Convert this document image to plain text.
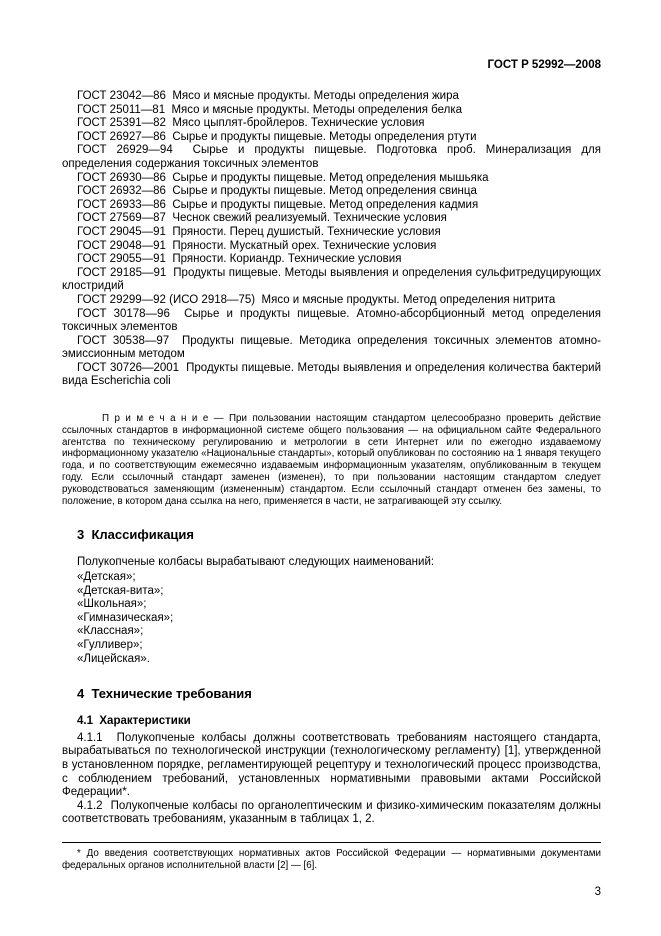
ГОСТ Р 52992—2008

ГОСТ 23042—86  Мясо и мясные продукты. Методы определения жира

ГОСТ 25011—81  Мясо и мясные продукты. Методы определения белка

ГОСТ 25391—82  Мясо цыплят-бройлеров. Технические условия

ГОСТ 26927—86  Сырье и продукты пищевые. Методы определения ртути

ГОСТ 26929—94  Сырье и продукты пищевые. Подготовка проб. Минерализация для определения содержания токсичных элементов

ГОСТ 26930—86  Сырье и продукты пищевые. Метод определения мышьяка

ГОСТ 26932—86  Сырье и продукты пищевые. Метод определения свинца

ГОСТ 26933—86  Сырье и продукты пищевые. Метод определения кадмия

ГОСТ 27569—87  Чеснок свежий реализуемый. Технические условия

ГОСТ 29045—91  Пряности. Перец душистый. Технические условия

ГОСТ 29048—91  Пряности. Мускатный орех. Технические условия

ГОСТ 29055—91  Пряности. Кориандр. Технические условия

ГОСТ 29185—91  Продукты пищевые. Методы выявления и определения сульфитредуцирующих клостридий

ГОСТ 29299—92 (ИСО 2918—75)  Мясо и мясные продукты. Метод определения нитрита

ГОСТ 30178—96  Сырье и продукты пищевые. Атомно-абсорбционный метод определения токсичных элементов

ГОСТ 30538—97  Продукты пищевые. Методика определения токсичных элементов атомно-эмиссионным методом

ГОСТ 30726—2001  Продукты пищевые. Методы выявления и определения количества бактерий вида Escherichia coli

П р и м е ч а н и е — При пользовании настоящим стандартом целесообразно проверить действие ссылочных стандартов в информационной системе общего пользования — на официальном сайте Федерального агентства по техническому регулированию и метрологии в сети Интернет или по ежегодно издаваемому информационному указателю «Национальные стандарты», который опубликован по состоянию на 1 января текущего года, и по соответствующим ежемесячно издаваемым информационным указателям, опубликованным в текущем году. Если ссылочный стандарт заменен (изменен), то при пользовании настоящим стандартом следует руководствоваться заменяющим (измененным) стандартом. Если ссылочный стандарт отменен без замены, то положение, в котором дана ссылка на него, применяется в части, не затрагивающей эту ссылку.

3  Классификация

Полукопченые колбасы вырабатывают следующих наименований:

«Детская»;

«Детская-вита»;

«Школьная»;

«Гимназическая»;

«Классная»;

«Гулливер»;

«Лицейская».

4  Технические требования

4.1  Характеристики

4.1.1  Полукопченые колбасы должны соответствовать требованиям настоящего стандарта, вырабатываться по технологической инструкции (технологическому регламенту) [1], утвержденной в установленном порядке, регламентирующей рецептуру и технологический процесс производства, с соблюдением требований, установленных нормативными правовыми актами Российской Федерации*.

4.1.2  Полукопченые колбасы по органолептическим и физико-химическим показателям должны соответствовать требованиям, указанным в таблицах 1, 2.

* До введения соответствующих нормативных актов Российской Федерации — нормативными документами федеральных органов исполнительной власти [2] — [6].

3
